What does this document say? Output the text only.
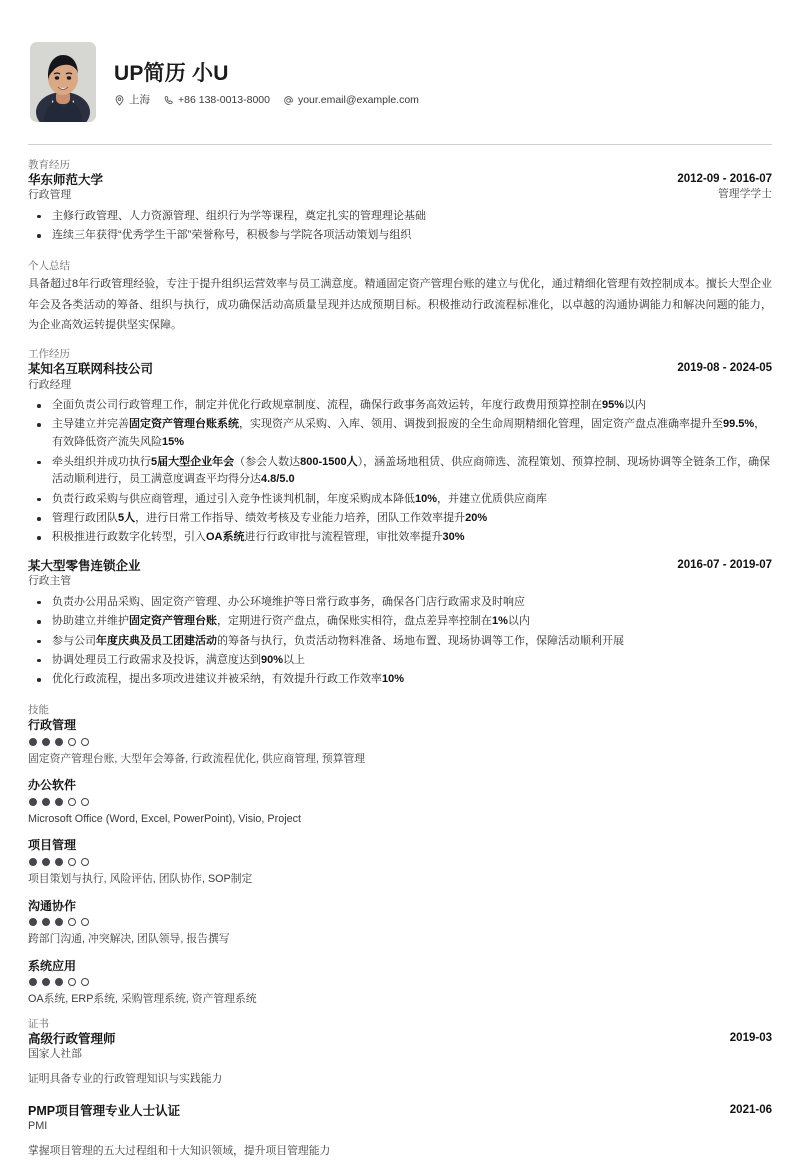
UP简历 小U
上海	+86 138-0013-8000	your.email@example.com
教育经历
华东师范大学
行政管理
2012-09 - 2016-07
管理学学士
主修行政管理、人力资源管理、组织行为学等课程，奠定扎实的管理理论基础
连续三年获得“优秀学生干部”荣誉称号，积极参与学院各项活动策划与组织
个人总结
具备超过8年行政管理经验，专注于提升组织运营效率与员工满意度。精通固定资产管理台账的建立与优化，通过精细化管理有效控制成本。擅长大型企业年会及各类活动的筹备、组织与执行，成功确保活动高质量呈现并达成预期目标。积极推动行政流程标准化，以卓越的沟通协调能力和解决问题的能力，为企业高效运转提供坚实保障。
工作经历
某知名互联网科技公司
行政经理
2019-08 - 2024-05
全面负责公司行政管理工作，制定并优化行政规章制度、流程，确保行政事务高效运转，年度行政费用预算控制在95%以内
主导建立并完善固定资产管理台账系统，实现资产从采购、入库、领用、调拨到报废的全生命周期精细化管理，固定资产盘点准确率提升至99.5%，有效降低资产流失风险15%
牵头组织并成功执行5届大型企业年会（参会人数达800-1500人），涵盖场地租赁、供应商筛选、流程策划、预算控制、现场协调等全链条工作，确保活动顺利进行，员工满意度调查平均得分达4.8/5.0
负责行政采购与供应商管理，通过引入竞争性谈判机制，年度采购成本降低10%，并建立优质供应商库
管理行政团队5人，进行日常工作指导、绩效考核及专业能力培养，团队工作效率提升20%
积极推进行政数字化转型，引入OA系统进行行政审批与流程管理，审批效率提升30%
某大型零售连锁企业
行政主管
2016-07 - 2019-07
负责办公用品采购、固定资产管理、办公环境维护等日常行政事务，确保各门店行政需求及时响应
协助建立并维护固定资产管理台账，定期进行资产盘点，确保账实相符，盘点差异率控制在1%以内
参与公司年度庆典及员工团建活动的筹备与执行，负责活动物料准备、场地布置、现场协调等工作，保障活动顺利开展
协调处理员工行政需求及投诉，满意度达到90%以上
优化行政流程，提出多项改进建议并被采纳，有效提升行政工作效率10%
技能
行政管理
固定资产管理台账, 大型年会筹备, 行政流程优化, 供应商管理, 预算管理
办公软件
Microsoft Office (Word, Excel, PowerPoint), Visio, Project
项目管理
项目策划与执行, 风险评估, 团队协作, SOP制定
沟通协作
跨部门沟通, 冲突解决, 团队领导, 报告撰写
系统应用
OA系统, ERP系统, 采购管理系统, 资产管理系统
证书
高级行政管理师
国家人社部
2019-03
证明具备专业的行政管理知识与实践能力
PMP项目管理专业人士认证
PMI
2021-06
掌握项目管理的五大过程组和十大知识领域，提升项目管理能力
